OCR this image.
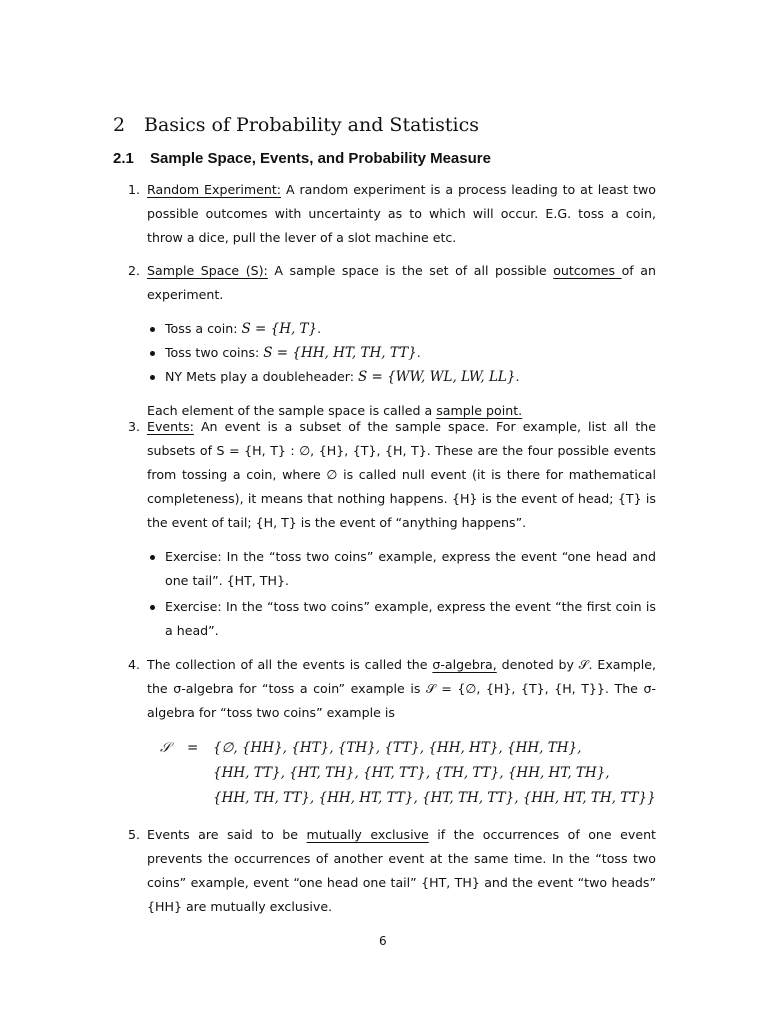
2 Basics of Probability and Statistics
2.1 Sample Space, Events, and Probability Measure
1. Random Experiment: A random experiment is a process leading to at least two possible outcomes with uncertainty as to which will occur. E.G. toss a coin, throw a dice, pull the lever of a slot machine etc.
2. Sample Space (S): A sample space is the set of all possible outcomes of an experiment.
Toss a coin: S = {H, T}.
Toss two coins: S = {HH, HT, TH, TT}.
NY Mets play a doubleheader: S = {WW, WL, LW, LL}.
Each element of the sample space is called a sample point.
3. Events: An event is a subset of the sample space. For example, list all the subsets of S = {H, T} : ∅, {H}, {T}, {H, T}. These are the four possible events from tossing a coin, where ∅ is called null event (it is there for mathematical completeness), it means that nothing happens. {H} is the event of head; {T} is the event of tail; {H, T} is the event of “anything happens”.
Exercise: In the “toss two coins” example, express the event “one head and one tail”. {HT, TH}.
Exercise: In the “toss two coins” example, express the event “the first coin is a head”.
4. The collection of all the events is called the σ-algebra, denoted by 𝒮. Example, the σ-algebra for “toss a coin” example is 𝒮 = {∅, {H}, {T}, {H, T}}. The σ-algebra for “toss two coins” example is
𝒮	= {∅, {HH}, {HT}, {TH}, {TT}, {HH, HT}, {HH, TH},
{HH, TT}, {HT, TH}, {HT, TT}, {TH, TT}, {HH, HT, TH},
{HH, TH, TT}, {HH, HT, TT}, {HT, TH, TT}, {HH, HT, TH, TT}}
5. Events are said to be mutually exclusive if the occurrences of one event prevents the occurrences of another event at the same time. In the “toss two coins” example, event “one head one tail” {HT, TH} and the event “two heads” {HH} are mutually exclusive.
6
